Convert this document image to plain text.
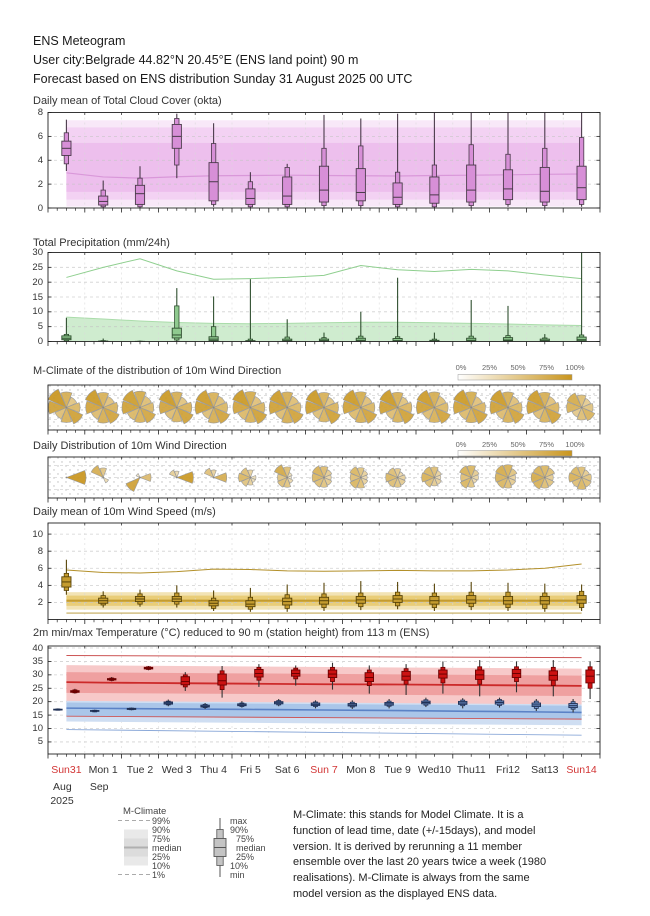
ENS Meteogram
User city:Belgrade 44.82°N 20.45°E (ENS land point) 90 m
Forecast based on ENS distribution Sunday 31 August 2025 00 UTC
Daily mean of Total Cloud Cover (okta)
Total Precipitation (mm/24h)
M-Climate of the distribution of 10m Wind Direction
Daily Distribution of 10m Wind Direction
Daily mean of 10m Wind Speed (m/s)
2m min/max Temperature (°C) reduced to 90 m (station height) from 113 m (ENS)
0
2
4
6
8
0
5
10
15
20
25
30
2
4
6
8
10
5
10
15
20
25
30
35
40
Sun31 Mon 1 Tue 2 Wed 3 Thu 4	Fri 5	Sat 6	Sun 7 Mon 8 Tue 9 Wed10 Thu11 Fri12	Sat13 Sun14
0%	25%	50%	75%	100%
0%	25%	50%	75%	100%
Aug	Sep
2025
M-Climate
99%
90%
75%
median
25%
10%
1%
max
90%
75%
median
25%
10%
min
M-Climate: this stands for Model Climate. It is a
function of lead time, date (+/-15days), and model
version. It is derived by rerunning a 11 member
ensemble over the last 20 years twice a week (1980
realisations). M-Climate is always from the same
model version as the displayed ENS data.
